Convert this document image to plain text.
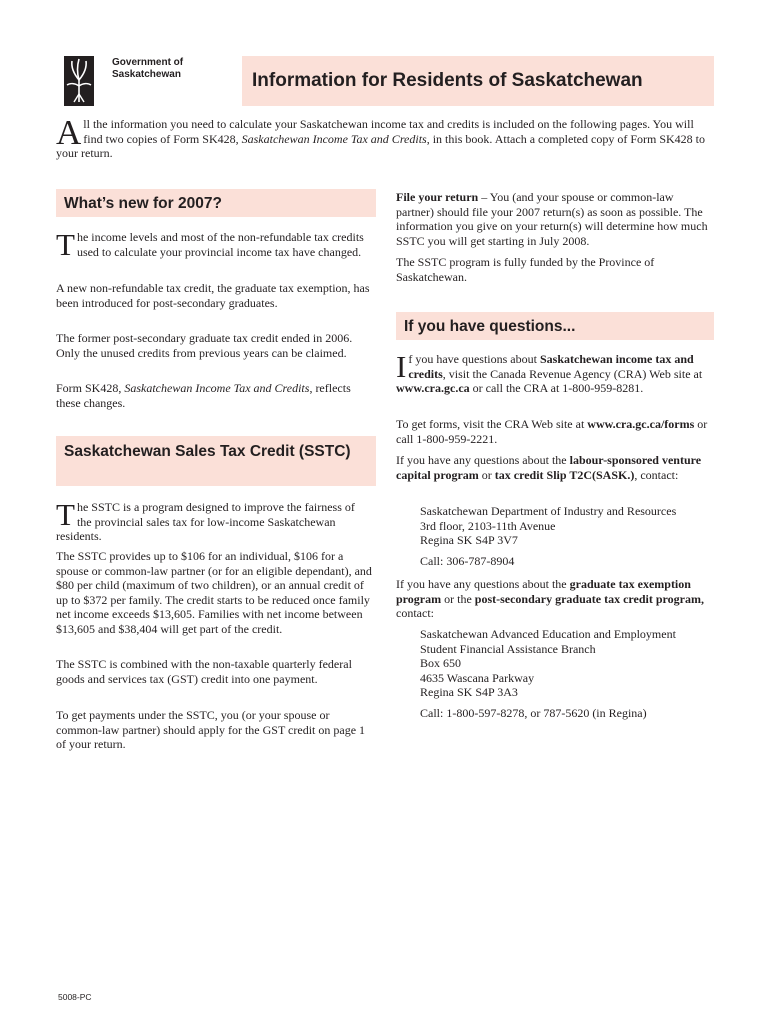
Government of
Saskatchewan	Information for Residents of Saskatchewan
All the information you need to calculate your Saskatchewan income tax and credits is included on the following pages. You will find two copies of Form SK428, Saskatchewan Income Tax and Credits, in this book. Attach a completed copy of Form SK428 to your return.
What’s new for 2007?
The income levels and most of the non-refundable tax credits used to calculate your provincial income tax have changed.
A new non-refundable tax credit, the graduate tax exemption, has been introduced for post-secondary graduates.
The former post-secondary graduate tax credit ended in 2006. Only the unused credits from previous years can be claimed.
Form SK428, Saskatchewan Income Tax and Credits, reflects these changes.
Saskatchewan Sales Tax Credit (SSTC)
The SSTC is a program designed to improve the fairness of the provincial sales tax for low-income Saskatchewan residents.
The SSTC provides up to $106 for an individual, $106 for a spouse or common-law partner (or for an eligible dependant), and $80 per child (maximum of two children), or an annual credit of up to $372 per family. The credit starts to be reduced once family net income exceeds $13,605. Families with net income between $13,605 and $38,404 will get part of the credit.
The SSTC is combined with the non-taxable quarterly federal goods and services tax (GST) credit into one payment.
To get payments under the SSTC, you (or your spouse or common-law partner) should apply for the GST credit on page 1 of your return.
File your return – You (and your spouse or common-law partner) should file your 2007 return(s) as soon as possible. The information you give on your return(s) will determine how much SSTC you will get starting in July 2008.
The SSTC program is fully funded by the Province of Saskatchewan.
If you have questions...
If you have questions about Saskatchewan income tax and credits, visit the Canada Revenue Agency (CRA) Web site at www.cra.gc.ca or call the CRA at 1-800-959-8281.
To get forms, visit the CRA Web site at www.cra.gc.ca/forms or call 1-800-959-2221.
If you have any questions about the labour-sponsored venture capital program or tax credit Slip T2C(SASK.), contact:
Saskatchewan Department of Industry and Resources
3rd floor, 2103-11th Avenue
Regina SK S4P 3V7
Call: 306-787-8904
If you have any questions about the graduate tax exemption program or the post-secondary graduate tax credit program, contact:
Saskatchewan Advanced Education and Employment
Student Financial Assistance Branch
Box 650
4635 Wascana Parkway
Regina SK S4P 3A3
Call: 1-800-597-8278, or 787-5620 (in Regina)
5008-PC
